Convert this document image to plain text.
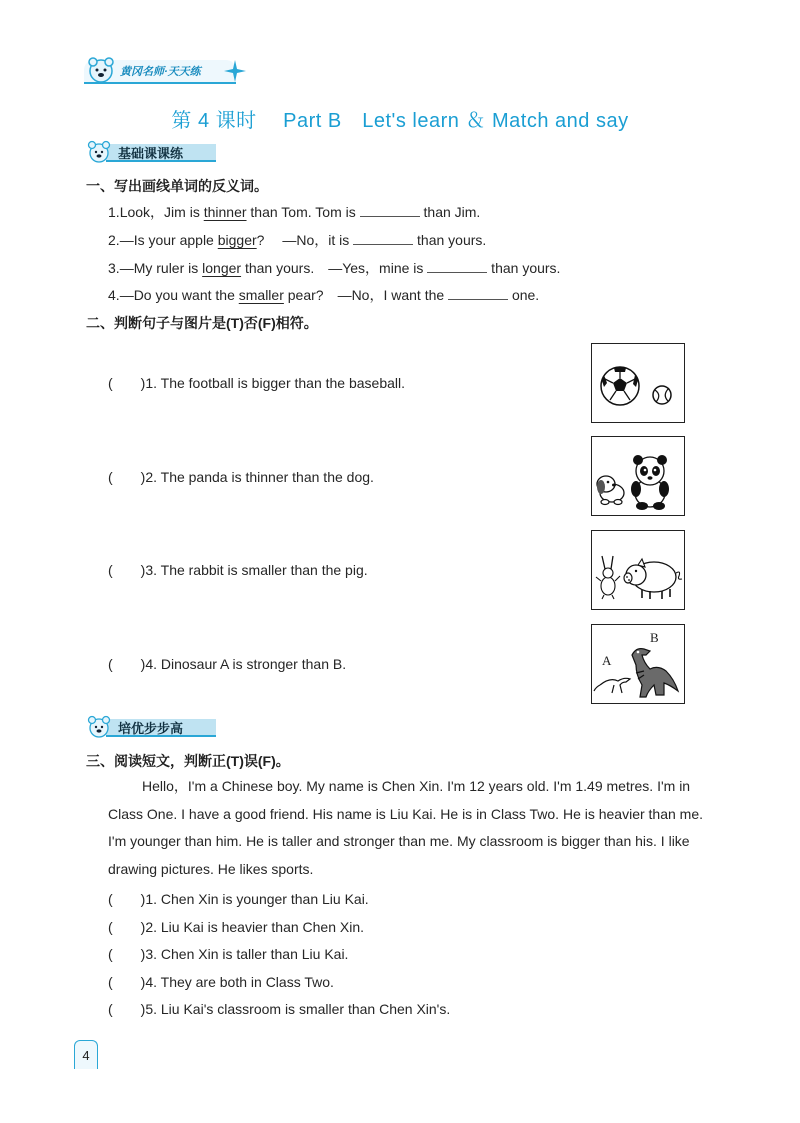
黄冈名师·天天练
第 4 课时　 Part B　Let's learn ＆ Match and say
基础课课练
一、写出画线单词的反义词。
1.Look，Jim is thinner than Tom. Tom is	than Jim.
2.—Is your apple bigger?　 —No，it is	than yours.
3.—My ruler is longer than yours.　—Yes，mine is	than yours.
4.—Do you want the smaller pear?　—No，I want the	one.
二、判断句子与图片是(T)否(F)相符。
(　　)1. The football is bigger than the baseball.
(　　)2. The panda is thinner than the dog.
(　　)3. The rabbit is smaller than the pig.
(　　)4. Dinosaur A is stronger than B.	A
B
培优步步高
三、阅读短文，判断正(T)误(F)。
Hello，I'm a Chinese boy. My name is Chen Xin. I'm 12 years old. I'm 1.49 metres. I'm in Class One. I have a good friend. His name is Liu Kai. He is in Class Two. He is heavier than me. I'm younger than him. He is taller and stronger than me. My classroom is bigger than his. I like drawing pictures. He likes sports.
(　　)1. Chen Xin is younger than Liu Kai.
(　　)2. Liu Kai is heavier than Chen Xin.
(　　)3. Chen Xin is taller than Liu Kai.
(　　)4. They are both in Class Two.
(　　)5. Liu Kai's classroom is smaller than Chen Xin's.
4
